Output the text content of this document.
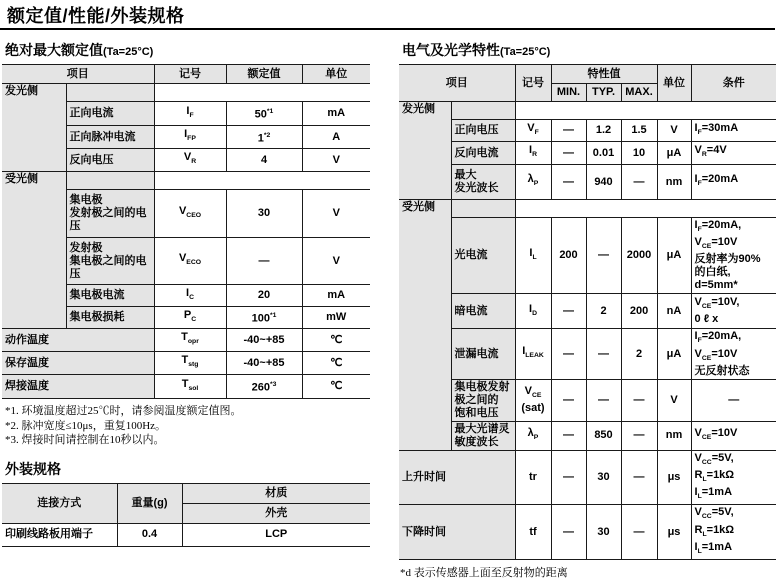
额定值/性能/外装规格
绝对最大额定值(Ta=25°C)
项目		记号	额定值	单位
发光侧				
	正向电流	$I_F$	50$^{*1}$	mA
	正向脉冲电流	$I_{FP}$	1$^{*2}$	A
	反向电压	$V_R$	4	V
受光侧				
	集电极
发射极之间的电
压	$V_{CEO}$	30	V
	发射极
集电极之间的电
压	$V_{ECO}$	—	V
	集电极电流	$I_C$	20	mA
	集电极损耗	$P_C$	100$^{*1}$	mW
动作温度		$T_{opr}$	-40~+85	℃
保存温度		$T_{stg}$	-40~+85	℃
焊接温度		$T_{sol}$	260$^{*3}$	℃
*1. 环境温度超过25℃时，请参阅温度额定值图。
*2. 脉冲宽度≤10μs，重复100Hz。
*3. 焊接时间请控制在10秒以内。
外装规格
连接方式	重量(g)	材质
		外壳
印刷线路板用端子	0.4	LCP
电气及光学特性(Ta=25°C)
项目		记号	特性值			单位	条件
			MIN.	TYP.	MAX.		
发光侧							
	正向电压	$V_F$	—	1.2	1.5	V	$I_F=30mA$
	反向电流	$I_R$	—	0.01	10	μA	$V_R=4V$
	最大
发光波长	$\lambda_P$	—	940	—	nm	$I_F=20mA$
受光侧							
	光电流	$I_L$	200	—	2000	μA	$I_F=20mA$,
$V_{CE}=10V$
反射率为90%
的白纸,
d=5mm*
	暗电流	$I_D$	—	2	200	nA	$V_{CE}=10V$,
0 ℓ x
	泄漏电流	$I_{LEAK}$	—	—	2	μA	$I_F=20mA$,
$V_{CE}=10V$
无反射状态
	集电极发射
极之间的
饱和电压	$V_{CE}$
(sat)	—	—	—	V	—
	最大光谱灵
敏度波长	$\lambda_P$	—	850	—	nm	$V_{CE}=10V$
上升时间		tr	—	30	—	μs	$V_{CC}=5V$,
$R_L=1k\Omega$
$I_L=1mA$
下降时间		tf	—	30	—	μs	$V_{CC}=5V$,
$R_L=1k\Omega$
$I_L=1mA$
*d 表示传感器上面至反射物的距离
